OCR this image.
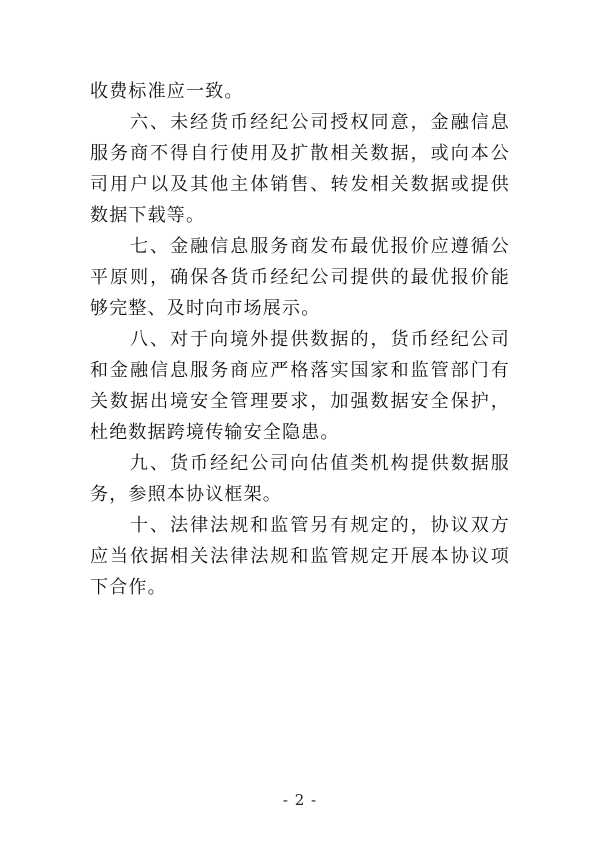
收费标准应一致。

六、未经货币经纪公司授权同意，金融信息服务商不得自行使用及扩散相关数据，或向本公司用户以及其他主体销售、转发相关数据或提供数据下载等。

七、金融信息服务商发布最优报价应遵循公平原则，确保各货币经纪公司提供的最优报价能够完整、及时向市场展示。

八、对于向境外提供数据的，货币经纪公司和金融信息服务商应严格落实国家和监管部门有关数据出境安全管理要求，加强数据安全保护，杜绝数据跨境传输安全隐患。

九、货币经纪公司向估值类机构提供数据服务，参照本协议框架。

十、法律法规和监管另有规定的，协议双方应当依据相关法律法规和监管规定开展本协议项下合作。

- 2 -
